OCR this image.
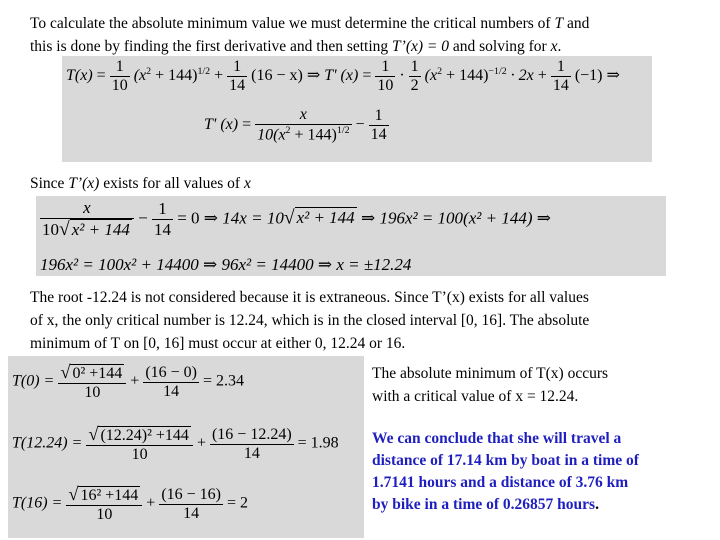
To calculate the absolute minimum value we must determine the critical numbers of T and
this is done by finding the first derivative and then setting T’(x) = 0 and solving for x.
$T(x) = \frac{1}{10} (x^2 + 144)^{1/2} + \frac{1}{14} (16 - x)$ ⇒ T' $(x) = \frac{1}{10} \cdot \frac{1}{2} (x^2 + 144)^{-1/2} \cdot 2x + \frac{1}{14} (-1)$ ⇒
T' $(x) = \frac{x}{10(x^2 + 144)^{1/2}} - \frac{1}{14}$
Since T’(x) exists for all values of x
$\frac{x}{\text{10√ x² + 144}} - \frac{1}{14} = 0$ ⇒ 14x = 10√ x² + 144 ⇒ 196x² = 100(x² + 144) ⇒
196x² = 100x² + 14400 ⇒ 96x² = 14400 ⇒ x = ±12.24
The root -12.24 is not considered because it is extraneous. Since T’(x) exists for all values
of x, the only critical number is 12.24, which is in the closed interval [0, 16]. The absolute
minimum of T on [0, 16] must occur at either 0, 12.24 or 16.
$T(0) = \frac{\text{√ 0² +144}}{10} + \frac{(16 - 0)}{14} = 2.34$
$T(12.24) = \frac{\text{√ (12.24)² +144}}{10} + \frac{(16 - 12.24)}{14} = 1.98$
$T(16) = \frac{\text{√ 16² +144}}{10} + \frac{(16 - 16)}{14} = 2$
The absolute minimum of T(x) occurs
with a critical value of x = 12.24.
We can conclude that she will travel a
distance of 17.14 km by boat in a time of
1.7141 hours and a distance of 3.76 km
by bike in a time of 0.26857 hours.
